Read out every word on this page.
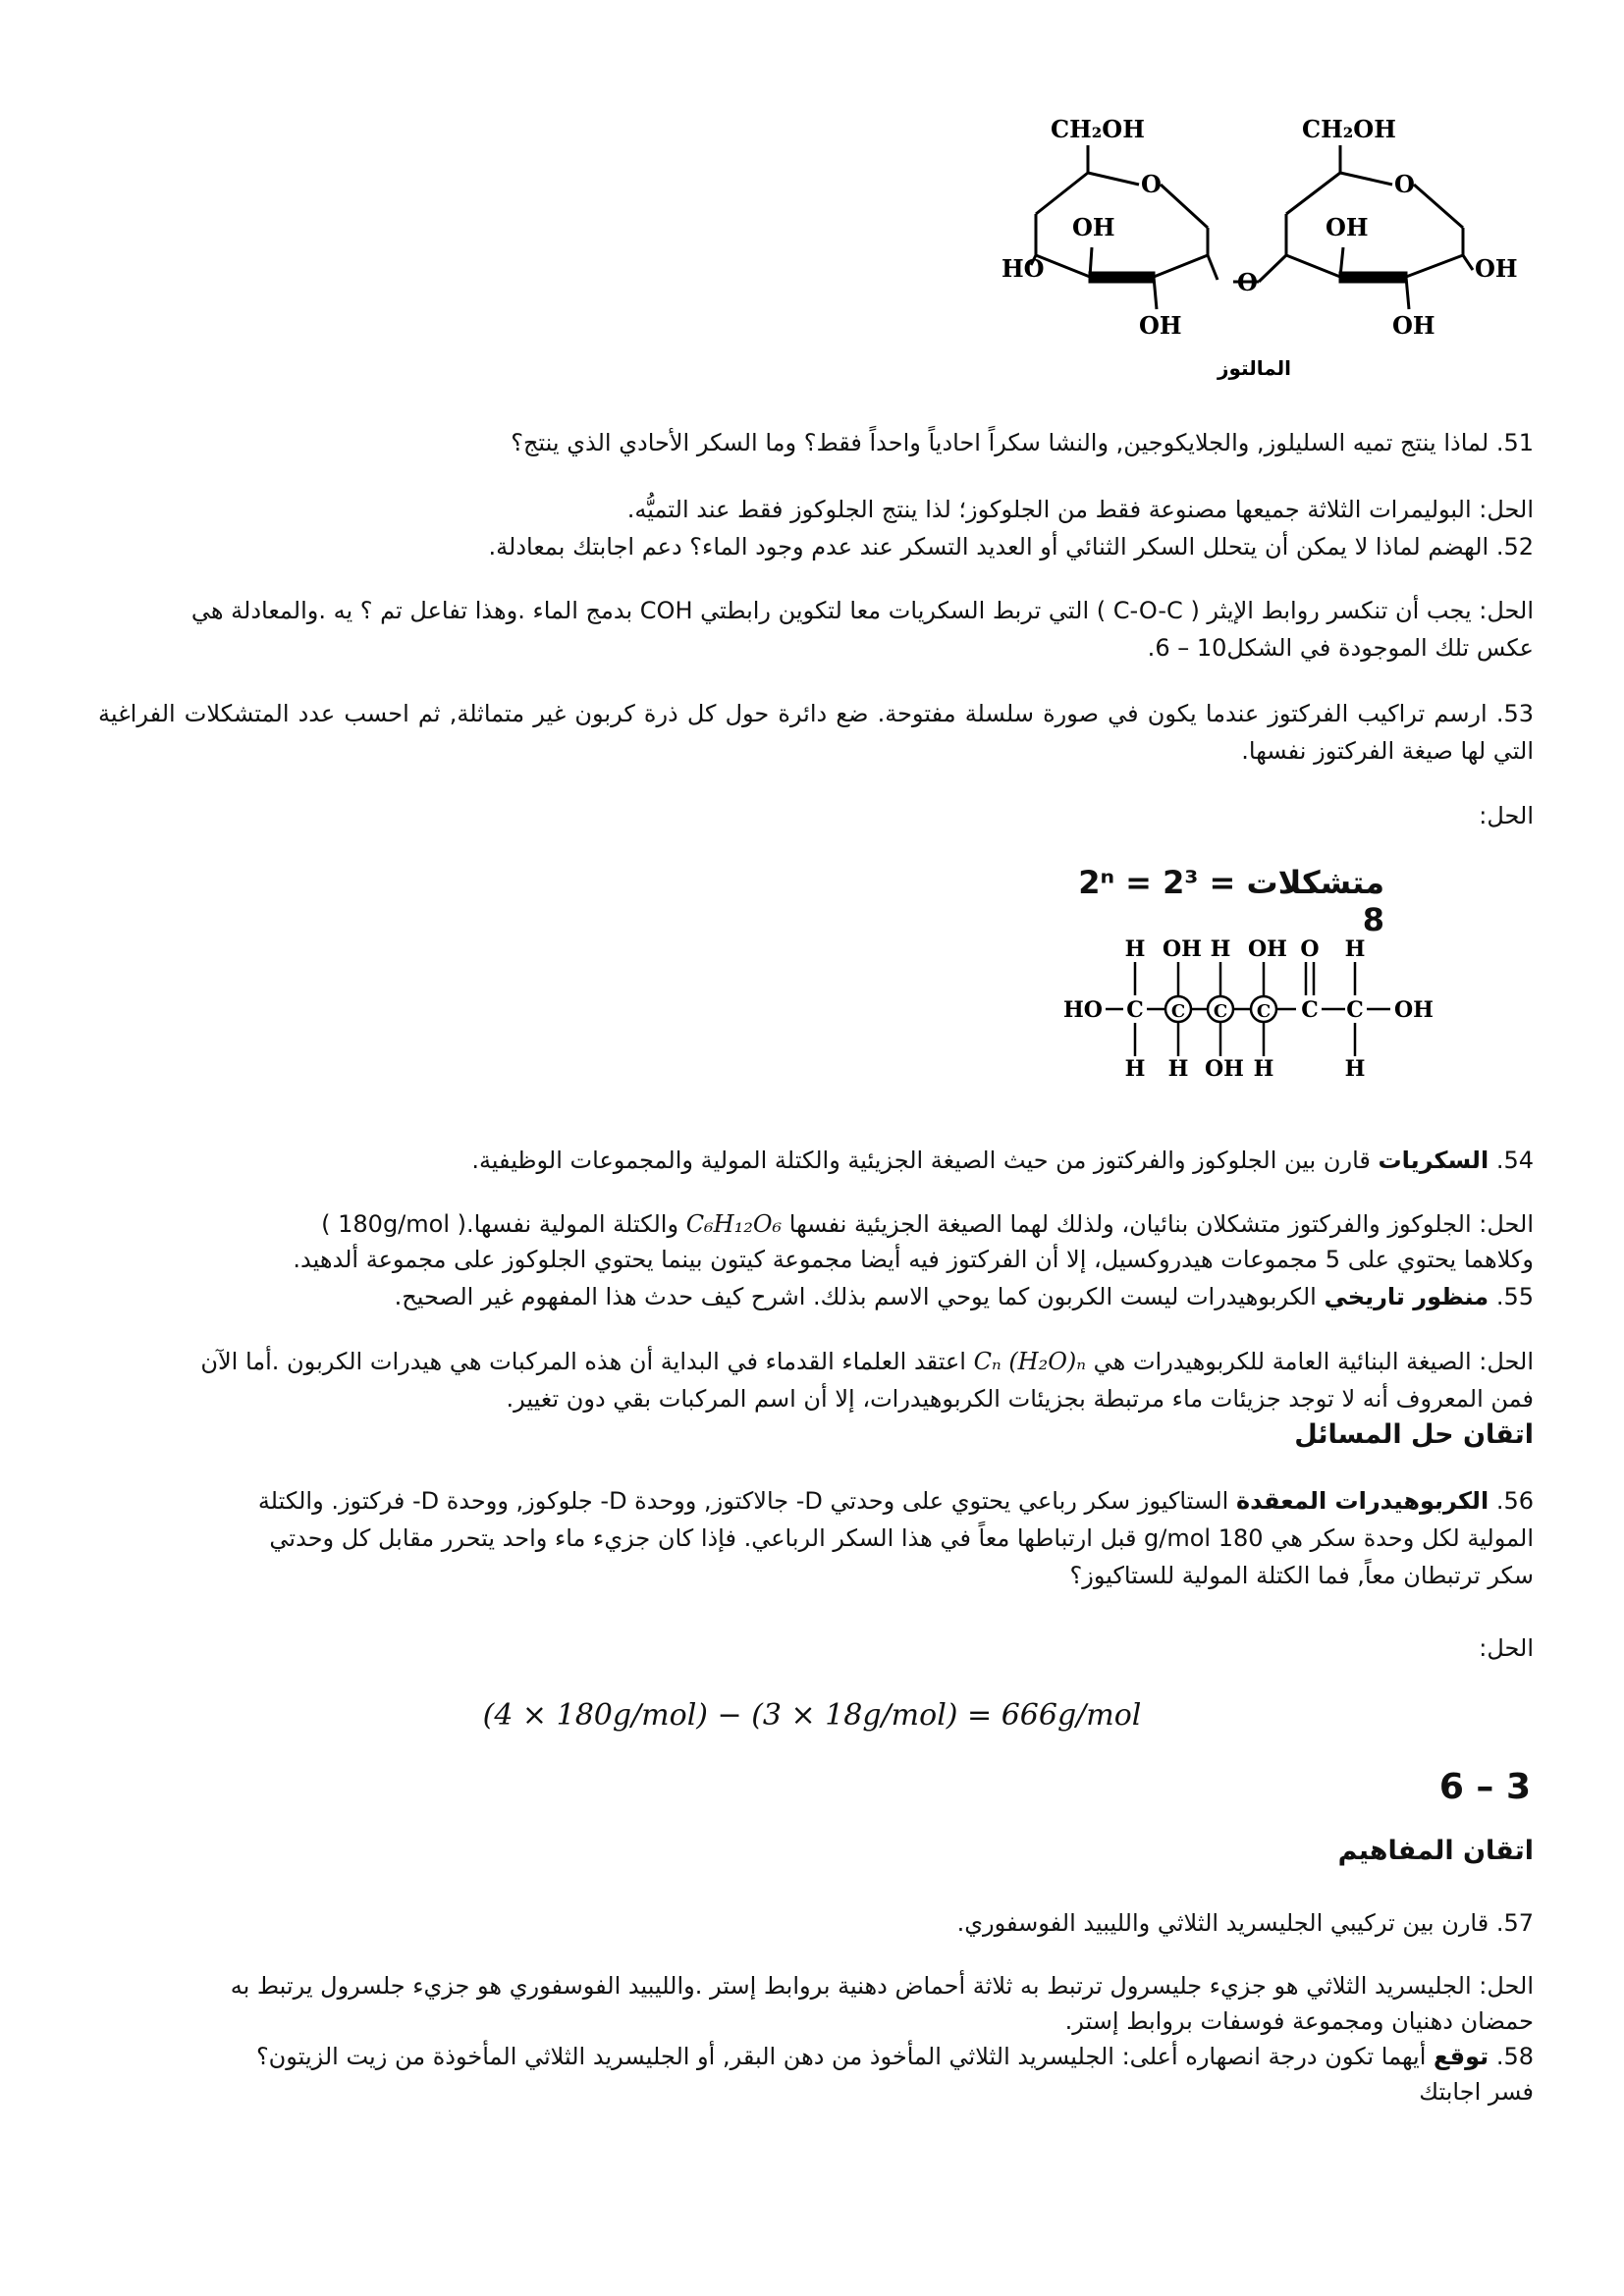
CH₂OH
O
OH
HO
OH
O
CH₂OH
O
OH
OH
OH
المالتوز
51. لماذا ينتج تميه السليلوز, والجلايكوجين, والنشا سكراً احادياً واحداً فقط؟ وما السكر الأحادي الذي ينتج؟
الحل: البوليمرات الثلاثة جميعها مصنوعة فقط من الجلوكوز؛ لذا ينتج الجلوكوز فقط عند التميُّه.
52. الهضم لماذا لا يمكن أن يتحلل السكر الثنائي أو العديد التسكر عند عدم وجود الماء؟ دعم اجابتك بمعادلة.
الحل: يجب أن تنكسر روابط الإيثر ( C-O-C ) التي تربط السكريات معا لتكوين رابطتي COH بدمج الماء .وهذا تفاعل تم ؟ يه .والمعادلة هي
عكس تلك الموجودة في الشكل10 – 6.
53. ارسم تراكيب الفركتوز عندما يكون في صورة سلسلة مفتوحة. ضع دائرة حول كل ذرة كربون غير متماثلة, ثم احسب عدد المتشكلات الفراغية التي لها صيغة الفركتوز نفسها.
الحل:
متشكلات 2ⁿ = 2³ = 8
H OH H OH O H
HO C C C C C C OH
H H OH H	H
54. السكريات قارن بين الجلوكوز والفركتوز من حيث الصيغة الجزيئية والكتلة المولية والمجموعات الوظيفية.
الحل: الجلوكوز والفركتوز متشكلان بنائيان، ولذلك لهما الصيغة الجزيئية نفسها C₆H₁₂O₆ والكتلة المولية نفسها.( 180g/mol )
وكلاهما يحتوي على 5 مجموعات هيدروكسيل، إلا أن الفركتوز فيه أيضا مجموعة كيتون بينما يحتوي الجلوكوز على مجموعة ألدهيد.
55. منظور تاريخي الكربوهيدرات ليست الكربون كما يوحي الاسم بذلك. اشرح كيف حدث هذا المفهوم غير الصحيح.
الحل: الصيغة البنائية العامة للكربوهيدرات هي Cₙ (H₂O)ₙ اعتقد العلماء القدماء في البداية أن هذه المركبات هي هيدرات الكربون .أما الآن
فمن المعروف أنه لا توجد جزيئات ماء مرتبطة بجزيئات الكربوهيدرات، إلا أن اسم المركبات بقي دون تغيير.
اتقان حل المسائل
56. الكربوهيدرات المعقدة الستاكيوز سكر رباعي يحتوي على وحدتي D- جالاكتوز, ووحدة D- جلوكوز, ووحدة D- فركتوز. والكتلة
المولية لكل وحدة سكر هي 180 g/mol قبل ارتباطها معاً في هذا السكر الرباعي. فإذا كان جزيء ماء واحد يتحرر مقابل كل وحدتي
سكر ترتبطان معاً, فما الكتلة المولية للستاكيوز؟
الحل:
(4 × 180g/mol) − (3 × 18g/mol) = 666g/mol
6 – 3
اتقان المفاهيم
57. قارن بين تركيبي الجليسريد الثلاثي والليبيد الفوسفوري.
الحل: الجليسريد الثلاثي هو جزيء جليسرول ترتبط به ثلاثة أحماض دهنية بروابط إستر .والليبيد الفوسفوري هو جزيء جلسرول يرتبط به
حمضان دهنيان ومجموعة فوسفات بروابط إستر.
58. توقع أيهما تكون درجة انصهاره أعلى: الجليسريد الثلاثي المأخوذ من دهن البقر, أو الجليسريد الثلاثي المأخوذة من زيت الزيتون؟
فسر اجابتك
